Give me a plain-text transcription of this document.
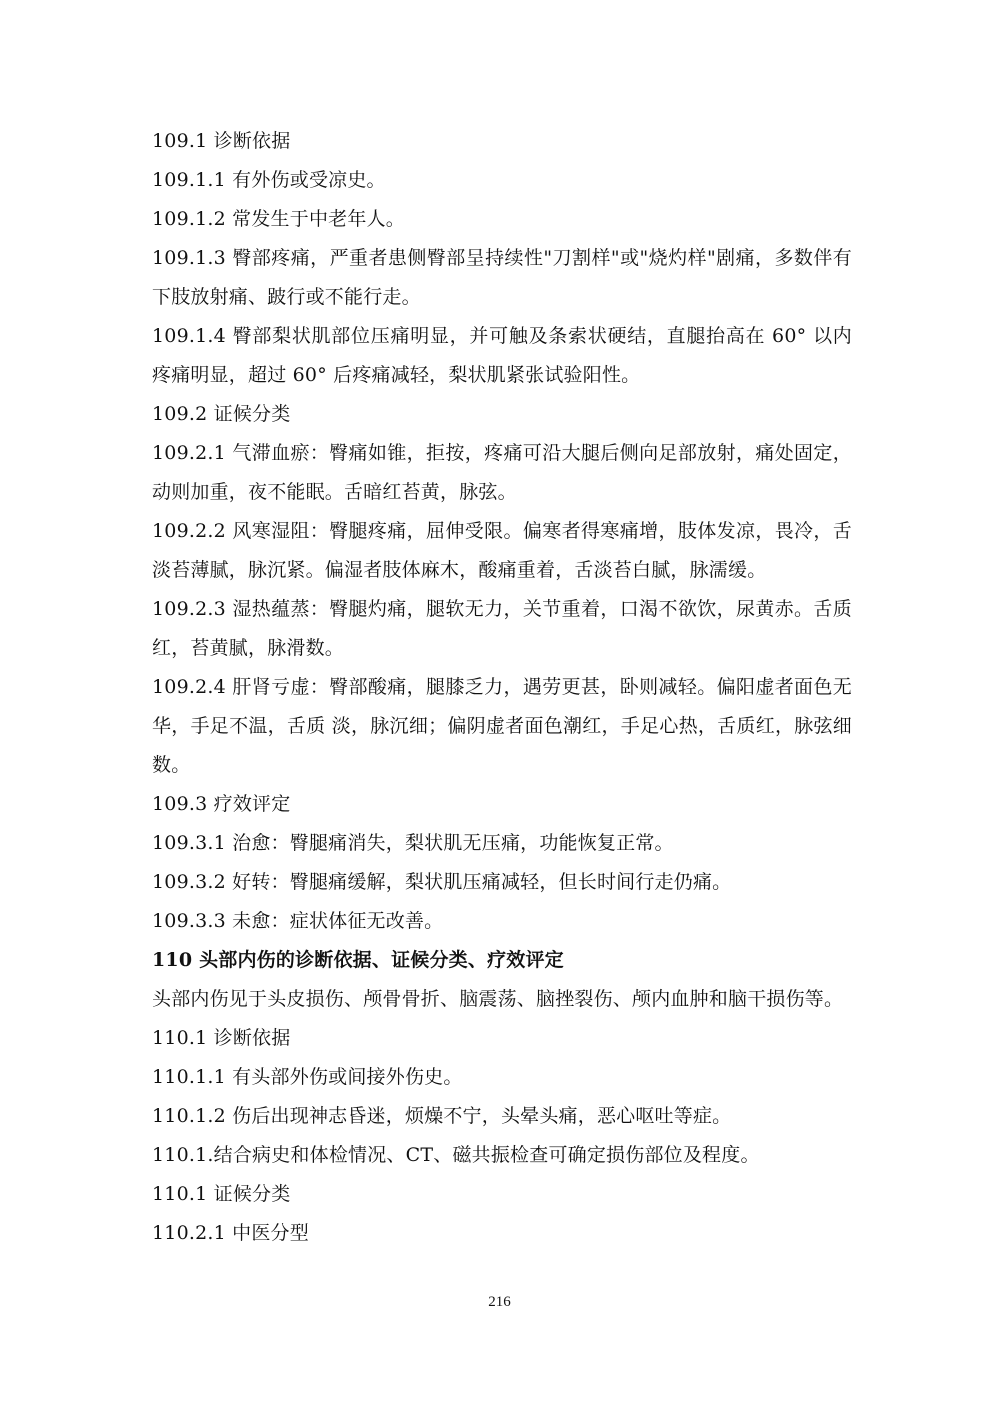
109.1 诊断依据
109.1.1 有外伤或受凉史。
109.1.2 常发生于中老年人。
109.1.3 臀部疼痛，严重者患侧臀部呈持续性"刀割样"或"烧灼样"剧痛，多数伴有下肢放射痛、跛行或不能行走。
109.1.4 臀部梨状肌部位压痛明显，并可触及条索状硬结，直腿抬高在 60° 以内疼痛明显，超过 60° 后疼痛减轻，梨状肌紧张试验阳性。
109.2 证候分类
109.2.1 气滞血瘀：臀痛如锥，拒按，疼痛可沿大腿后侧向足部放射，痛处固定，动则加重，夜不能眠。舌暗红苔黄，脉弦。
109.2.2 风寒湿阻：臀腿疼痛，屈伸受限。偏寒者得寒痛增，肢体发凉，畏冷，舌淡苔薄腻，脉沉紧。偏湿者肢体麻木，酸痛重着，舌淡苔白腻，脉濡缓。
109.2.3 湿热蕴蒸：臀腿灼痛，腿软无力，关节重着，口渴不欲饮，尿黄赤。舌质红，苔黄腻，脉滑数。
109.2.4 肝肾亏虚：臀部酸痛，腿膝乏力，遇劳更甚，卧则减轻。偏阳虚者面色无华，手足不温，舌质 淡，脉沉细；偏阴虚者面色潮红，手足心热，舌质红，脉弦细数。
109.3 疗效评定
109.3.1 治愈：臀腿痛消失，梨状肌无压痛，功能恢复正常。
109.3.2 好转：臀腿痛缓解，梨状肌压痛减轻，但长时间行走仍痛。
109.3.3 未愈：症状体征无改善。
110 头部内伤的诊断依据、证候分类、疗效评定
头部内伤见于头皮损伤、颅骨骨折、脑震荡、脑挫裂伤、颅内血肿和脑干损伤等。
110.1 诊断依据
110.1.1 有头部外伤或间接外伤史。
110.1.2 伤后出现神志昏迷，烦燥不宁，头晕头痛，恶心呕吐等症。
110.1.结合病史和体检情况、CT、磁共振检查可确定损伤部位及程度。
110.1 证候分类
110.2.1 中医分型
216
